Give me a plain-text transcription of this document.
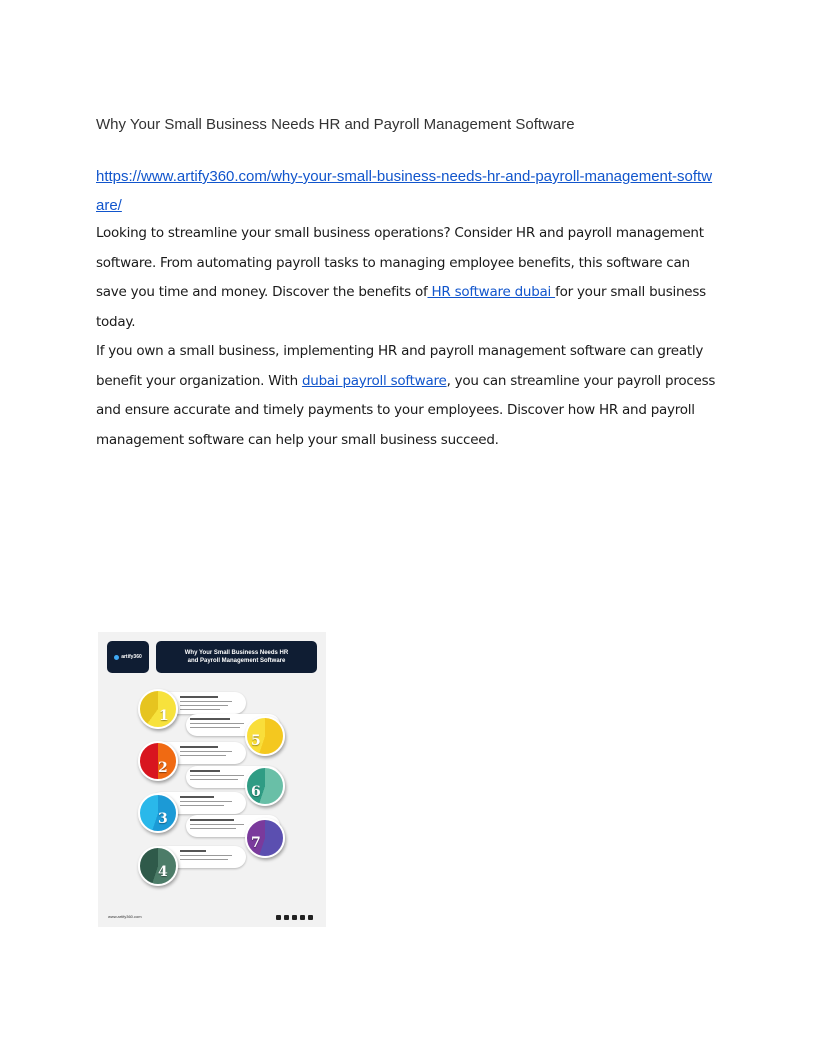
Why Your Small Business Needs HR and Payroll Management Software
https://www.artify360.com/why-your-small-business-needs-hr-and-payroll-management-software/
Looking to streamline your small business operations? Consider HR and payroll management software. From automating payroll tasks to managing employee benefits, this software can save you time and money. Discover the benefits of HR software dubai for your small business today.
If you own a small business, implementing HR and payroll management software can greatly benefit your organization. With dubai payroll software, you can streamline your payroll process and ensure accurate and timely payments to your employees. Discover how HR and payroll management software can help your small business succeed.
artify360
Why Your Small Business Needs HR
and Payroll Management Software
1
5
2
6
3
7
4
www.artify360.com
